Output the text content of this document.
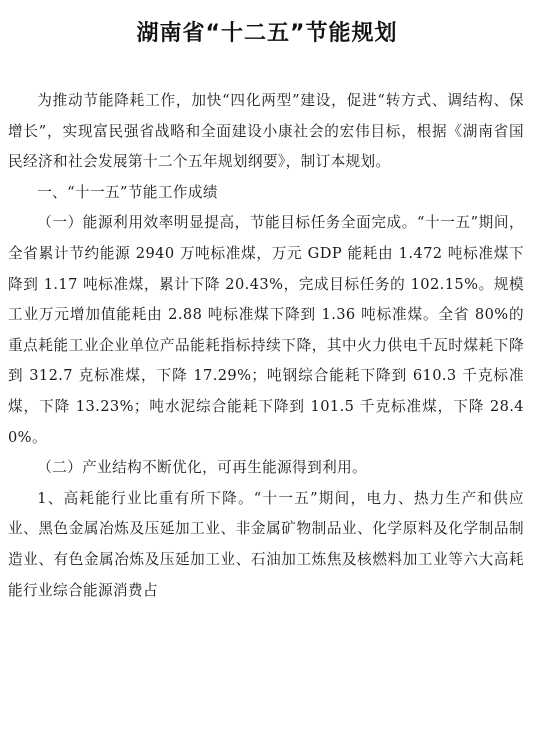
湖南省“十二五”节能规划

为推动节能降耗工作，加快“四化两型”建设，促进“转方式、调结构、保增长”，实现富民强省战略和全面建设小康社会的宏伟目标，根据《湖南省国民经济和社会发展第十二个五年规划纲要》，制订本规划。

一、“十一五”节能工作成绩

（一）能源利用效率明显提高，节能目标任务全面完成。“十一五”期间，全省累计节约能源 2940 万吨标准煤，万元 GDP 能耗由 1.472 吨标准煤下降到 1.17 吨标准煤，累计下降 20.43%，完成目标任务的 102.15%。规模工业万元增加值能耗由 2.88 吨标准煤下降到 1.36 吨标准煤。全省 80%的重点耗能工业企业单位产品能耗指标持续下降，其中火力供电千瓦时煤耗下降到 312.7 克标准煤，下降 17.29%；吨钢综合能耗下降到 610.3 千克标准煤，下降 13.23%；吨水泥综合能耗下降到 101.5 千克标准煤，下降 28.40%。

（二）产业结构不断优化，可再生能源得到利用。

1、高耗能行业比重有所下降。“十一五”期间，电力、热力生产和供应业、黑色金属冶炼及压延加工业、非金属矿物制品业、化学原料及化学制品制造业、有色金属冶炼及压延加工业、石油加工炼焦及核燃料加工业等六大高耗能行业综合能源消费占
